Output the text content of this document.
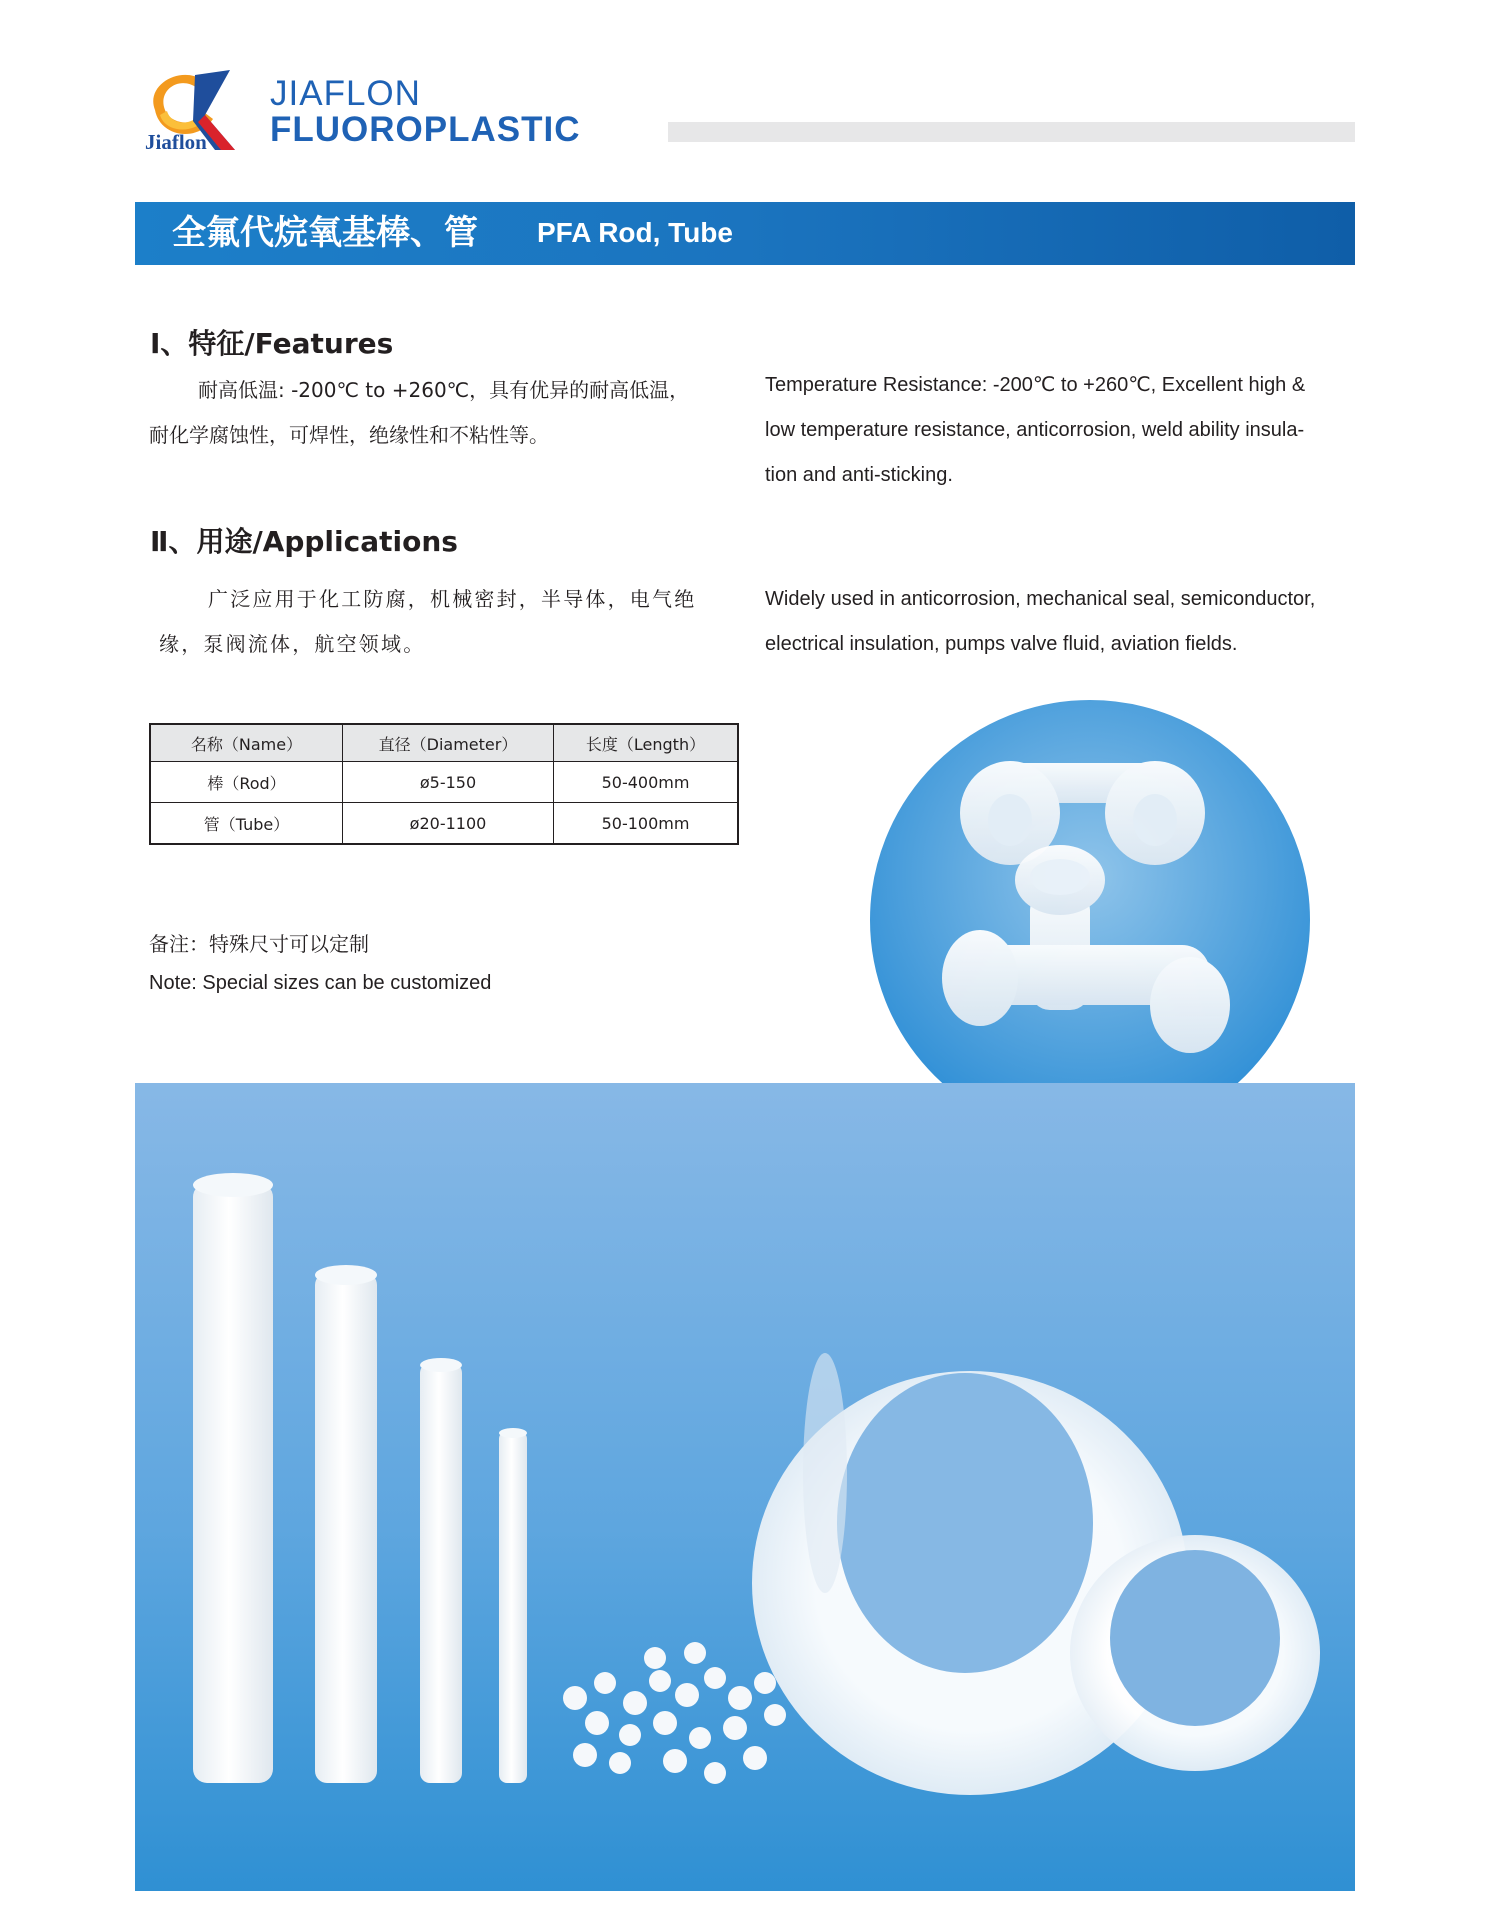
Jiaflon
JIAFLON
FLUOROPLASTIC
全氟代烷氧基棒、管 PFA Rod, Tube
Ⅰ、特征/Features
耐高低温: -200℃ to +260℃，具有优异的耐高低温，
耐化学腐蚀性，可焊性，绝缘性和不粘性等。
Temperature Resistance: -200℃ to +260℃, Excellent high &
low temperature resistance, anticorrosion, weld ability insula-
tion and anti-sticking.
Ⅱ、用途/Applications
广泛应用于化工防腐，机械密封，半导体，电气绝
缘，泵阀流体，航空领域。
Widely used in anticorrosion, mechanical seal, semiconductor,
electrical insulation, pumps valve fluid, aviation fields.
名称（Name）	直径（Diameter）	长度（Length）
棒（Rod）	ø5-150	50-400mm
管（Tube）	ø20-1100	50-100mm
备注：特殊尺寸可以定制
Note: Special sizes can be customized
